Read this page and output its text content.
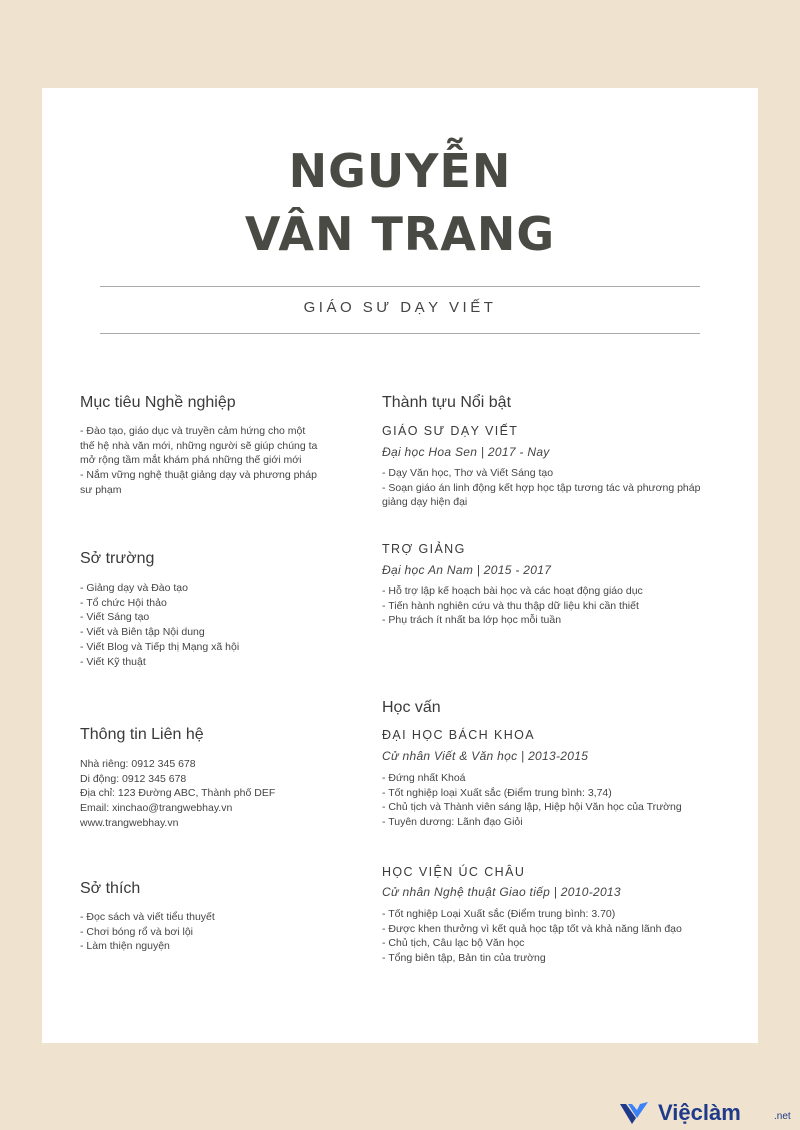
NGUYỄN
VÂN TRANG
GIÁO SƯ DẠY VIẾT
Mục tiêu Nghề nghiệp
- Đào tạo, giáo dục và truyền cảm hứng cho một thế hệ nhà văn mới, những người sẽ giúp chúng ta mở rộng tầm mắt khám phá những thế giới mới
- Nắm vững nghệ thuật giảng dạy và phương pháp sư phạm
Sở trường
- Giảng dạy và Đào tạo
- Tổ chức Hội thảo
- Viết Sáng tạo
- Viết và Biên tập Nội dung
- Viết Blog và Tiếp thị Mạng xã hội
- Viết Kỹ thuật
Thông tin Liên hệ
Nhà riêng: 0912 345 678
Di động: 0912 345 678
Địa chỉ: 123 Đường ABC, Thành phố DEF
Email: xinchao@trangwebhay.vn
www.trangwebhay.vn
Sở thích
- Đọc sách và viết tiểu thuyết
- Chơi bóng rổ và bơi lội
- Làm thiện nguyện
Thành tựu Nổi bật
GIÁO SƯ DẠY VIẾT
Đại học Hoa Sen | 2017 - Nay
- Dạy Văn học, Thơ và Viết Sáng tạo
- Soạn giáo án linh động kết hợp học tập tương tác và phương pháp giảng dạy hiện đại
TRỢ GIẢNG
Đại học An Nam | 2015 - 2017
- Hỗ trợ lập kế hoạch bài học và các hoạt động giáo dục
- Tiến hành nghiên cứu và thu thập dữ liệu khi cần thiết
- Phụ trách ít nhất ba lớp học mỗi tuần
Học vấn
ĐẠI HỌC BÁCH KHOA
Cử nhân Viết & Văn học | 2013-2015
- Đứng nhất Khoá
- Tốt nghiệp loại Xuất sắc (Điểm trung bình: 3,74)
- Chủ tịch và Thành viên sáng lập, Hiệp hội Văn học của Trường
- Tuyên dương: Lãnh đạo Giỏi
HỌC VIỆN ÚC CHÂU
Cử nhân Nghệ thuật Giao tiếp | 2010-2013
- Tốt nghiệp Loại Xuất sắc (Điểm trung bình: 3.70)
- Được khen thưởng vì kết quả học tập tốt và khả năng lãnh đạo
- Chủ tịch, Câu lạc bộ Văn học
- Tổng biên tập, Bản tin của trường
Việclàm	.net
